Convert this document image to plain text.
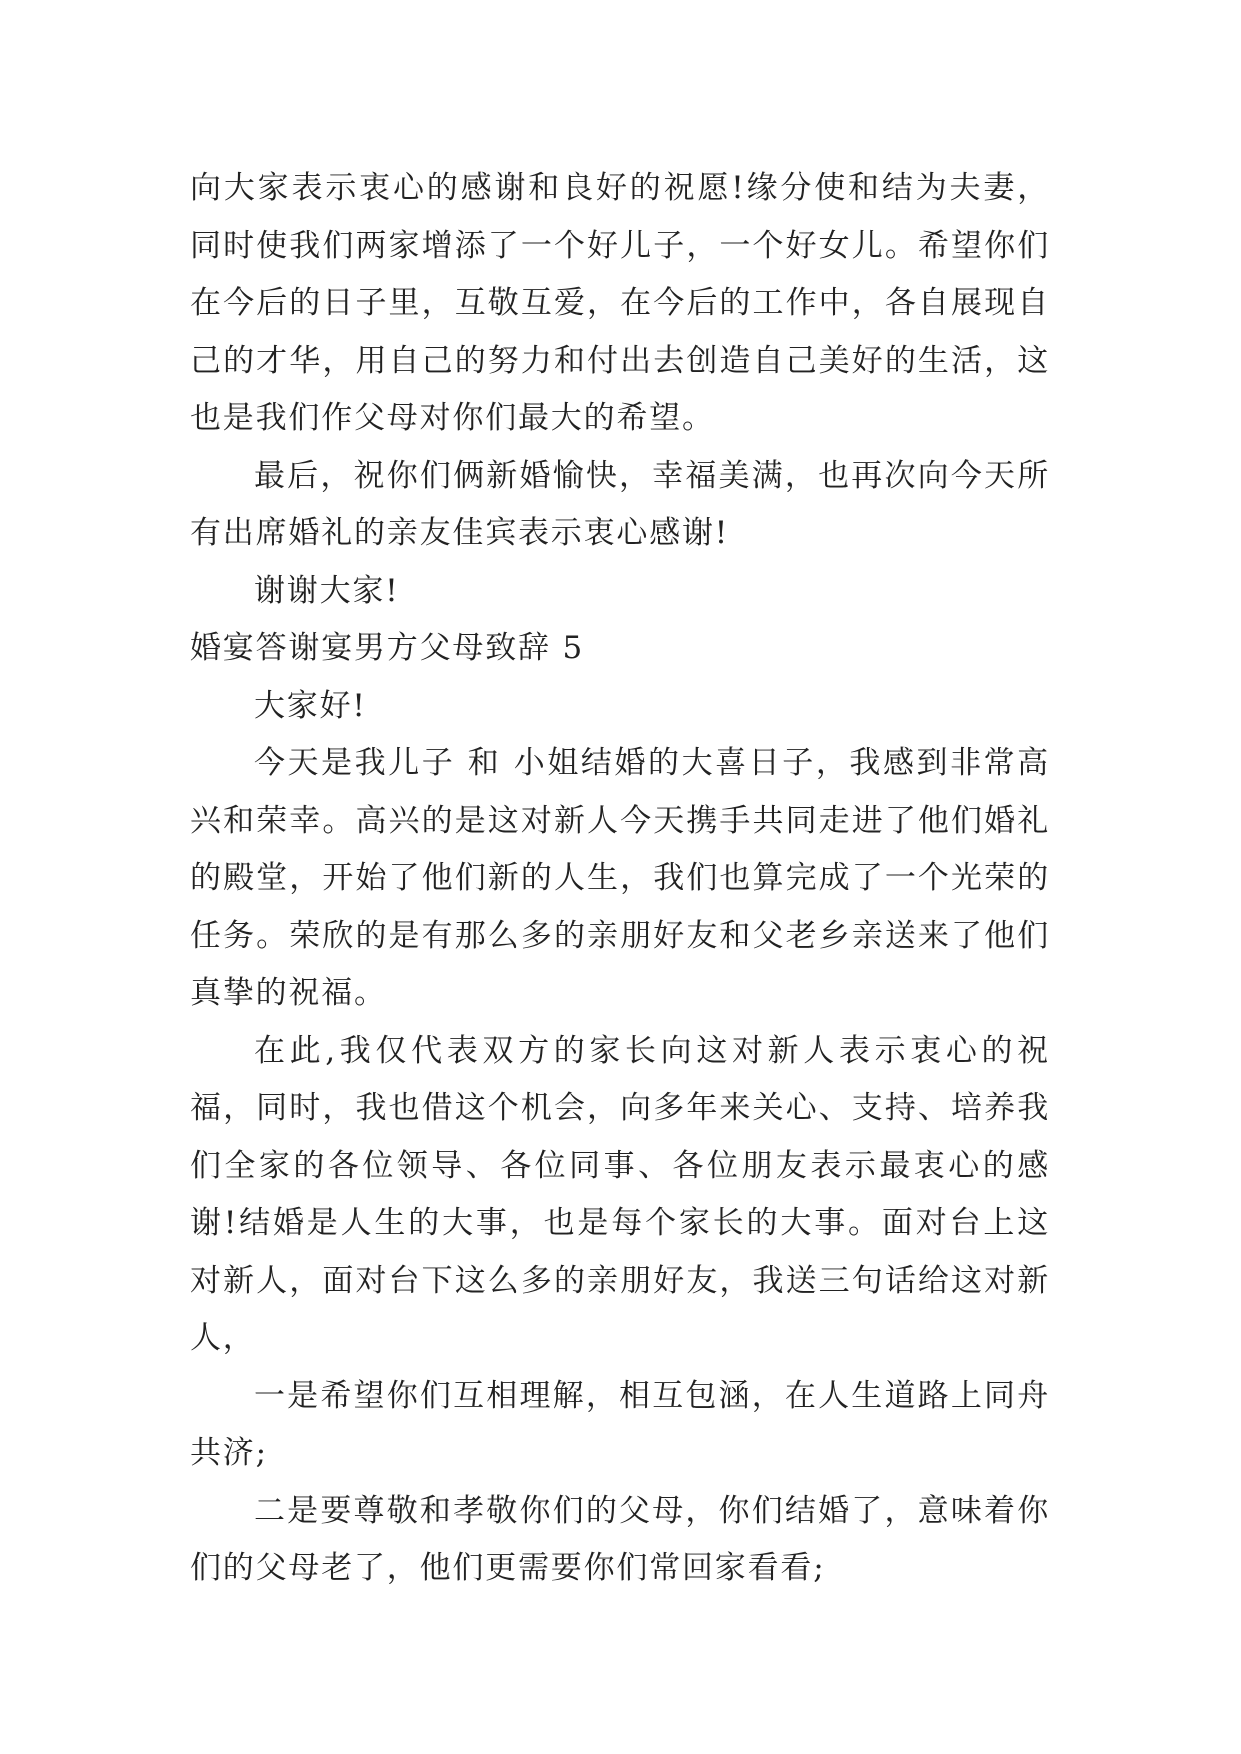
向大家表示衷心的感谢和良好的祝愿!缘分使和结为夫妻，同时使我们两家增添了一个好儿子，一个好女儿。希望你们在今后的日子里，互敬互爱，在今后的工作中，各自展现自己的才华，用自己的努力和付出去创造自己美好的生活，这也是我们作父母对你们最大的希望。

最后，祝你们俩新婚愉快，幸福美满，也再次向今天所有出席婚礼的亲友佳宾表示衷心感谢!

谢谢大家!

婚宴答谢宴男方父母致辞 5

大家好!

今天是我儿子 和 小姐结婚的大喜日子，我感到非常高兴和荣幸。高兴的是这对新人今天携手共同走进了他们婚礼的殿堂，开始了他们新的人生，我们也算完成了一个光荣的任务。荣欣的是有那么多的亲朋好友和父老乡亲送来了他们真挚的祝福。

在此,我仅代表双方的家长向这对新人表示衷心的祝福，同时，我也借这个机会，向多年来关心、支持、培养我们全家的各位领导、各位同事、各位朋友表示最衷心的感谢!结婚是人生的大事，也是每个家长的大事。面对台上这对新人，面对台下这么多的亲朋好友，我送三句话给这对新人，

一是希望你们互相理解，相互包涵，在人生道路上同舟共济;

二是要尊敬和孝敬你们的父母，你们结婚了，意味着你们的父母老了，他们更需要你们常回家看看;
